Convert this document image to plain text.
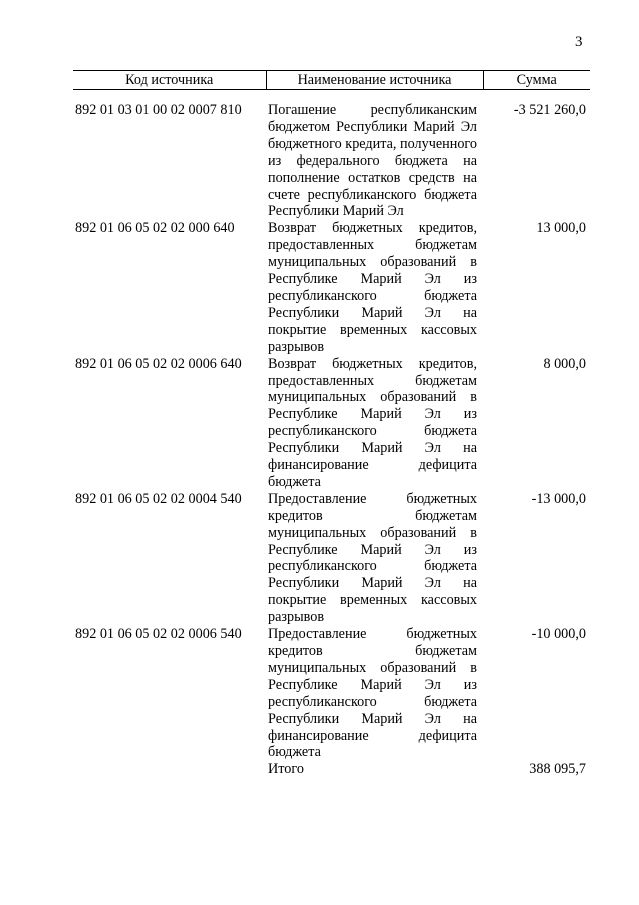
3
Код источника	Наименование источника	Сумма
892 01 03 01 00 02 0007 810	Погашение республиканским бюджетом Республики Марий Эл бюджетного кредита, полученного из федерального бюджета на пополнение остатков средств на счете республиканского бюджета Республики Марий Эл	-3 521 260,0
892 01 06 05 02 02 000 640	Возврат бюджетных кредитов, предоставленных бюджетам муниципальных образований в Республике Марий Эл из республиканского бюджета Республики Марий Эл на покрытие временных кассовых разрывов	13 000,0
892 01 06 05 02 02 0006 640	Возврат бюджетных кредитов, предоставленных бюджетам муниципальных образований в Республике Марий Эл из республиканского бюджета Республики Марий Эл на финансирование дефицита бюджета	8 000,0
892 01 06 05 02 02 0004 540	Предоставление бюджетных кредитов бюджетам муниципальных образований в Республике Марий Эл из республиканского бюджета Республики Марий Эл на покрытие временных кассовых разрывов	-13 000,0
892 01 06 05 02 02 0006 540	Предоставление бюджетных кредитов бюджетам муниципальных образований в Республике Марий Эл из республиканского бюджета Республики Марий Эл на финансирование дефицита бюджета	-10 000,0
	Итого	388 095,7
